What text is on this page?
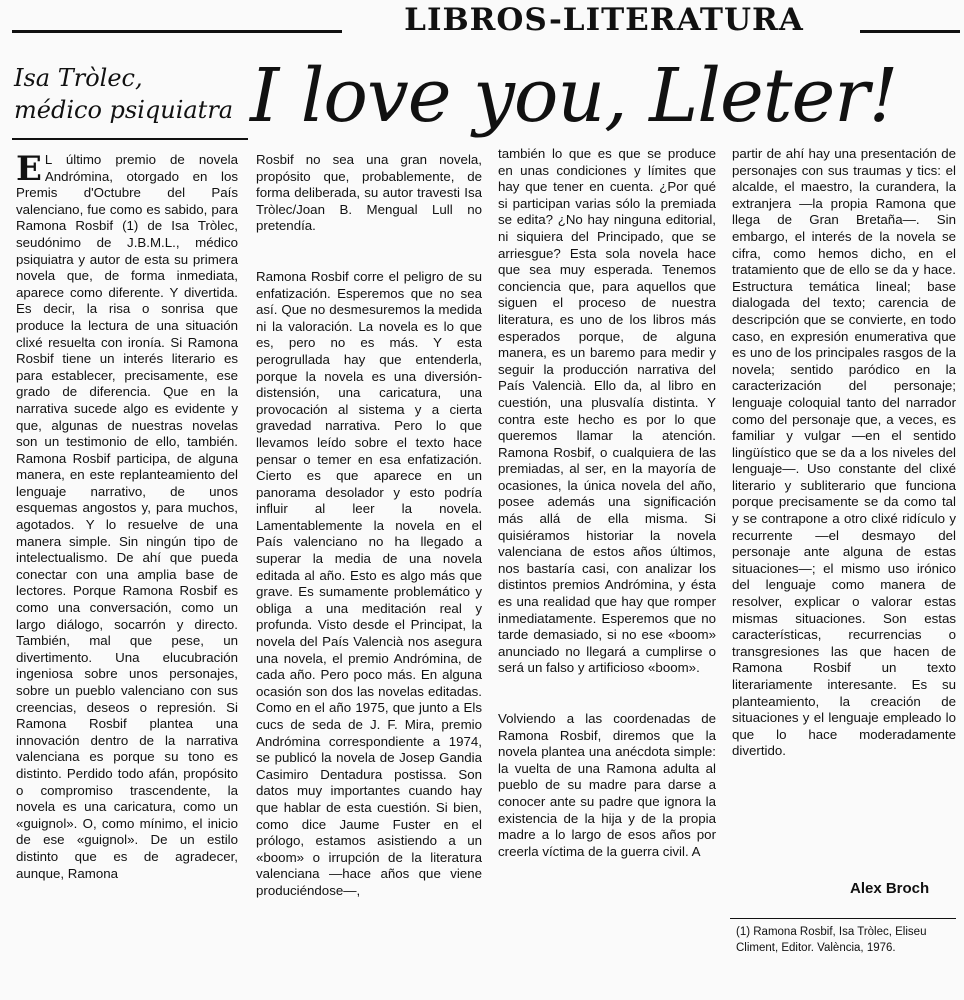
LIBROS-LITERATURA
Isa Tròlec,
médico psiquiatra I love you, Lleter!
E L último premio de novela Andrómina, otorgado en los Premis d'Octubre del País valenciano, fue como es sabido, para Ramona Rosbif (1) de Isa Tròlec, seudónimo de J.B.M.L., médico psiquiatra y autor de esta su primera novela que, de forma inmediata, aparece como diferente. Y divertida. Es decir, la risa o sonrisa que produce la lectura de una situación clixé resuelta con ironía. Si Ramona Rosbif tiene un interés literario es para establecer, precisamente, ese grado de diferencia. Que en la narrativa sucede algo es evidente y que, algunas de nuestras novelas son un testimonio de ello, también. Ramona Rosbif participa, de alguna manera, en este replanteamiento del lenguaje narrativo, de unos esquemas angostos y, para muchos, agotados. Y lo resuelve de una manera simple. Sin ningún tipo de intelectualismo. De ahí que pueda conectar con una amplia base de lectores. Porque Ramona Rosbif es como una conversación, como un largo diálogo, socarrón y directo. También, mal que pese, un divertimento. Una elucubración ingeniosa sobre unos personajes, sobre un pueblo valenciano con sus creencias, deseos o represión. Si Ramona Rosbif plantea una innovación dentro de la narrativa valenciana es porque su tono es distinto. Perdido todo afán, propósito o compromiso trascendente, la novela es una caricatura, como un «guignol». O, como mínimo, el inicio de ese «guignol». De un estilo distinto que es de agradecer, aunque, Ramona

Rosbif no sea una gran novela, propósito que, probablemente, de forma deliberada, su autor travesti Isa Tròlec/Joan B. Mengual Lull no pretendía.

Ramona Rosbif corre el peligro de su enfatización. Esperemos que no sea así. Que no desmesuremos la medida ni la valoración. La novela es lo que es, pero no es más. Y esta perogrullada hay que entenderla, porque la novela es una diversión-distensión, una caricatura, una provocación al sistema y a cierta gravedad narrativa. Pero lo que llevamos leído sobre el texto hace pensar o temer en esa enfatización. Cierto es que aparece en un panorama desolador y esto podría influir al leer la novela. Lamentablemente la novela en el País valenciano no ha llegado a superar la media de una novela editada al año. Esto es algo más que grave. Es sumamente problemático y obliga a una meditación real y profunda. Visto desde el Principat, la novela del País Valencià nos asegura una novela, el premio Andrómina, de cada año. Pero poco más. En alguna ocasión son dos las novelas editadas. Como en el año 1975, que junto a Els cucs de seda de J. F. Mira, premio Andrómina correspondiente a 1974, se publicó la novela de Josep Gandia Casimiro Dentadura postissa. Son datos muy importantes cuando hay que hablar de esta cuestión. Si bien, como dice Jaume Fuster en el prólogo, estamos asistiendo a un «boom» o irrupción de la literatura valenciana —hace años que viene produciéndose—,

también lo que es que se produce en unas condiciones y límites que hay que tener en cuenta. ¿Por qué si participan varias sólo la premiada se edita? ¿No hay ninguna editorial, ni siquiera del Principado, que se arriesgue? Esta sola novela hace que sea muy esperada. Tenemos conciencia que, para aquellos que siguen el proceso de nuestra literatura, es uno de los libros más esperados porque, de alguna manera, es un baremo para medir y seguir la producción narrativa del País Valencià. Ello da, al libro en cuestión, una plusvalía distinta. Y contra este hecho es por lo que queremos llamar la atención. Ramona Rosbif, o cualquiera de las premiadas, al ser, en la mayoría de ocasiones, la única novela del año, posee además una significación más allá de ella misma. Si quisiéramos historiar la novela valenciana de estos años últimos, nos bastaría casi, con analizar los distintos premios Andrómina, y ésta es una realidad que hay que romper inmediatamente. Esperemos que no tarde demasiado, si no ese «boom» anunciado no llegará a cumplirse o será un falso y artificioso «boom».

Volviendo a las coordenadas de Ramona Rosbif, diremos que la novela plantea una anécdota simple: la vuelta de una Ramona adulta al pueblo de su madre para darse a conocer ante su padre que ignora la existencia de la hija y de la propia madre a lo largo de esos años por creerla víctima de la guerra civil. A

partir de ahí hay una presentación de personajes con sus traumas y tics: el alcalde, el maestro, la curandera, la extranjera —la propia Ramona que llega de Gran Bretaña—. Sin embargo, el interés de la novela se cifra, como hemos dicho, en el tratamiento que de ello se da y hace. Estructura temática lineal; base dialogada del texto; carencia de descripción que se convierte, en todo caso, en expresión enumerativa que es uno de los principales rasgos de la novela; sentido paródico en la caracterización del personaje; lenguaje coloquial tanto del narrador como del personaje que, a veces, es familiar y vulgar —en el sentido lingüístico que se da a los niveles del lenguaje—. Uso constante del clixé literario y subliterario que funciona porque precisamente se da como tal y se contrapone a otro clixé ridículo y recurrente —el desmayo del personaje ante alguna de estas situaciones—; el mismo uso irónico del lenguaje como manera de resolver, explicar o valorar estas mismas situaciones. Son estas características, recurrencias o transgresiones las que hacen de Ramona Rosbif un texto literariamente interesante. Es su planteamiento, la creación de situaciones y el lenguaje empleado lo que lo hace moderadamente divertido.

Alex Broch
(1) Ramona Rosbif, Isa Tròlec, Eliseu Climent, Editor. València, 1976.
